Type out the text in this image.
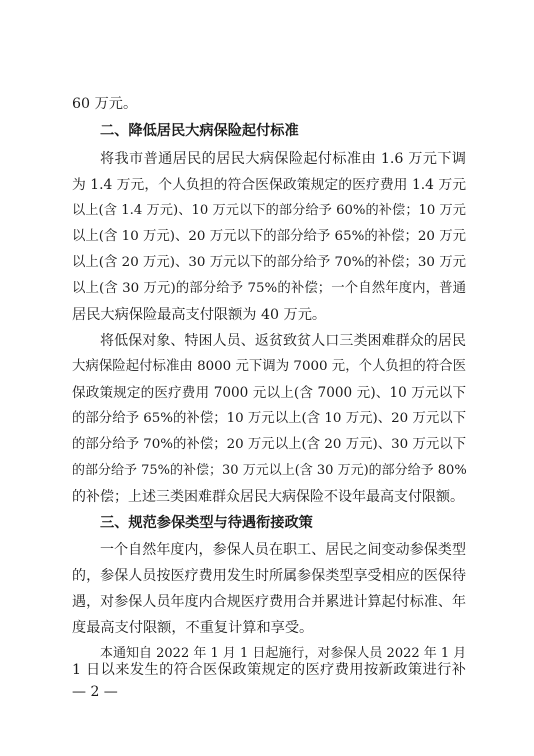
60 万元。
二、降低居民大病保险起付标准
将我市普通居民的居民大病保险起付标准由 1.6 万元下调
为 1.4 万元，个人负担的符合医保政策规定的医疗费用 1.4 万元
以上(含 1.4 万元)、10 万元以下的部分给予 60%的补偿；10 万元
以上(含 10 万元)、20 万元以下的部分给予 65%的补偿；20 万元
以上(含 20 万元)、30 万元以下的部分给予 70%的补偿；30 万元
以上(含 30 万元)的部分给予 75%的补偿；一个自然年度内，普通
居民大病保险最高支付限额为 40 万元。
将低保对象、特困人员、返贫致贫人口三类困难群众的居民
大病保险起付标准由 8000 元下调为 7000 元，个人负担的符合医
保政策规定的医疗费用 7000 元以上(含 7000 元)、10 万元以下
的部分给予 65%的补偿；10 万元以上(含 10 万元)、20 万元以下
的部分给予 70%的补偿；20 万元以上(含 20 万元)、30 万元以下
的部分给予 75%的补偿；30 万元以上(含 30 万元)的部分给予 80%
的补偿；上述三类困难群众居民大病保险不设年最高支付限额。
三、规范参保类型与待遇衔接政策
一个自然年度内，参保人员在职工、居民之间变动参保类型
的，参保人员按医疗费用发生时所属参保类型享受相应的医保待
遇，对参保人员年度内合规医疗费用合并累进计算起付标准、年
度最高支付限额，不重复计算和享受。
本通知自 2022 年 1 月 1 日起施行，对参保人员 2022 年 1 月
1 日以来发生的符合医保政策规定的医疗费用按新政策进行补
— 2 —
